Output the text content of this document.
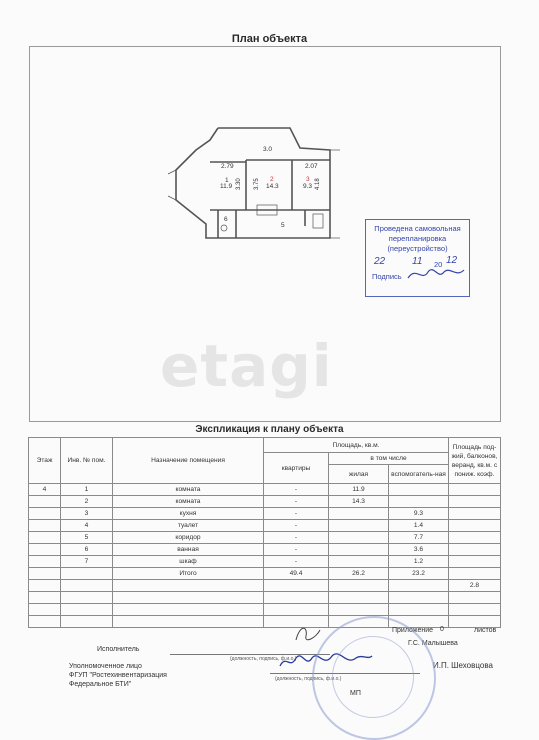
План объекта
2.79
1
11.9
3.0
2
14.3
2.07
3
9.3
3.30 3.75	4.18
5
6
Проведена самовольная
перепланировка
(переустройство)
22	11 20 12
Подпись
etagi
Экспликация к плану объекта
Этаж	Инв. № пом.	Назначение помещения	Площадь, кв.м.			Площадь под-жий, балконов, веранд, кв.м. с пониж. коэф.
			квартиры	в том числе		
				жилая	вспомогатель-ная	
4	1	комната	-	11.9		
	2	комната	-	14.3		
	3	кухня	-		9.3	
	4	туалет	-		1.4	
	5	коридор	-		7.7	
	6	ванная	-		3.6	
	7	шкаф	-		1.2	
		Итого	49.4	26.2	23.2	
						2.8

Исполнитель
(должность, подпись, ф.и.о.)
Приложение 0	листов
Г.С. Малышева
Уполномоченное лицо
ФГУП "Ростехинвентаризация
Федеральное БТИ"
(должность, подпись, ф.и.о.)
И.П. Шеховцова
МП
